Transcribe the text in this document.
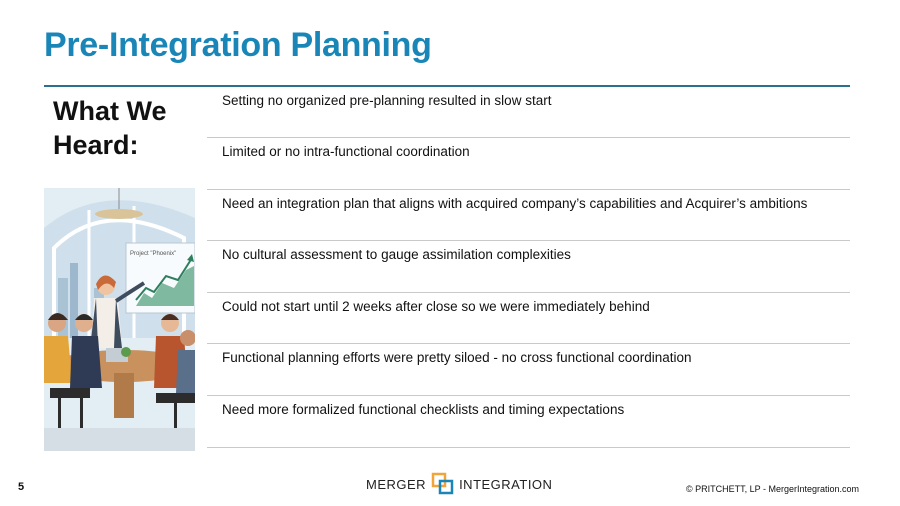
Pre-Integration Planning
What We
Heard:
Project "Phoenix"
Setting no organized pre-planning resulted in slow start
Limited or no intra-functional coordination
Need an integration plan that aligns with acquired company’s capabilities and Acquirer’s ambitions
No cultural assessment to gauge assimilation complexities
Could not start until 2 weeks after close so we were immediately behind
Functional planning efforts were pretty siloed - no cross functional coordination
Need more formalized functional checklists and timing expectations
5	MERGER	INTEGRATION	© PRITCHETT, LP - MergerIntegration.com
